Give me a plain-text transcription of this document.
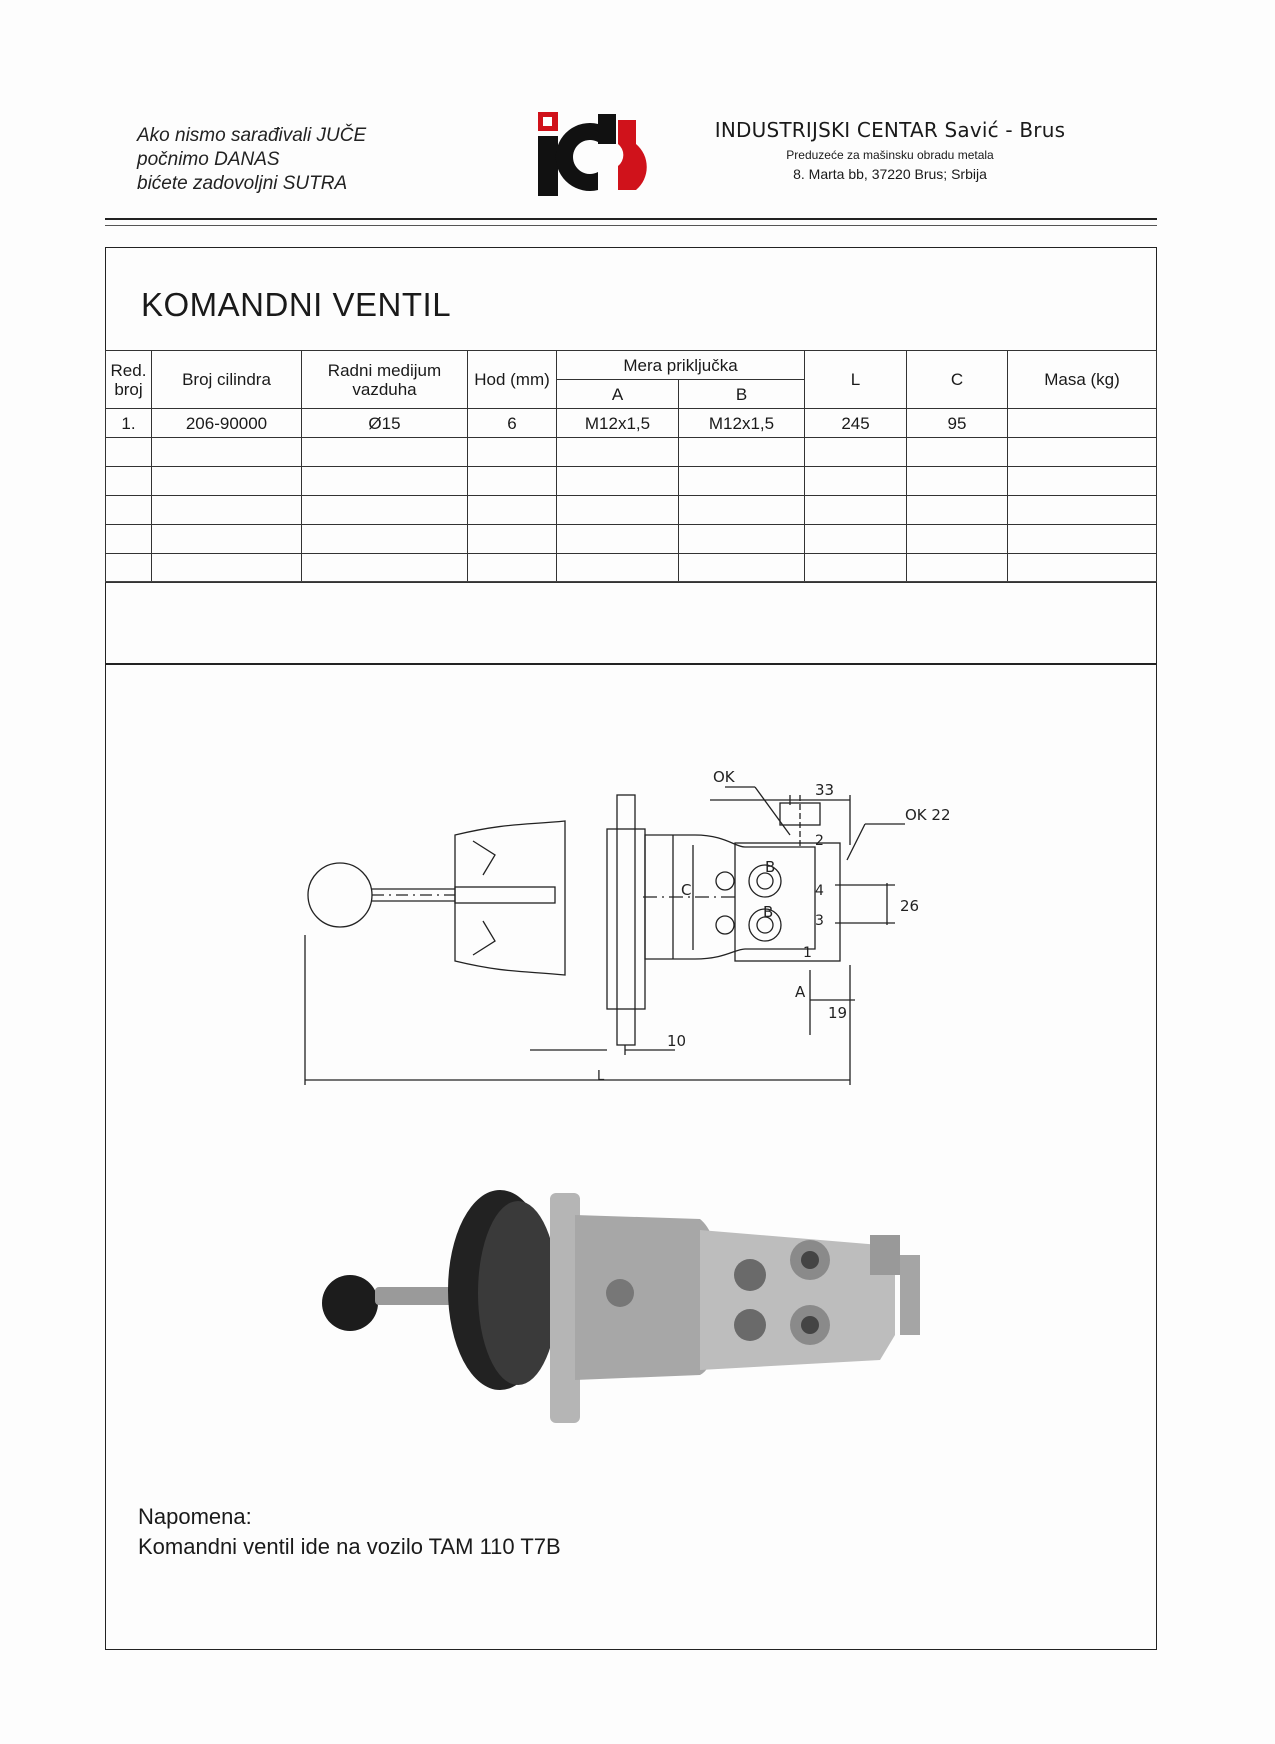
Ako nismo sarađivali JUČE
počnimo DANAS
bićete zadovoljni SUTRA
INDUSTRIJSKI CENTAR Savić - Brus
Preduzeće za mašinsku obradu metala
8. Marta bb, 37220 Brus; Srbija
KOMANDNI VENTIL
Red. broj	Broj cilindra	Radni medijum vazduha	Hod (mm)	Mera priključka		L	C	Masa (kg)
				A	B			
1.	206-90000	Ø15	6	M12x1,5	M12x1,5	245	95	

OK
33
OK 22
B
B
2
4
3
1
C
26
A
19
10
L
Napomena:
Komandni ventil ide na vozilo TAM 110 T7B
